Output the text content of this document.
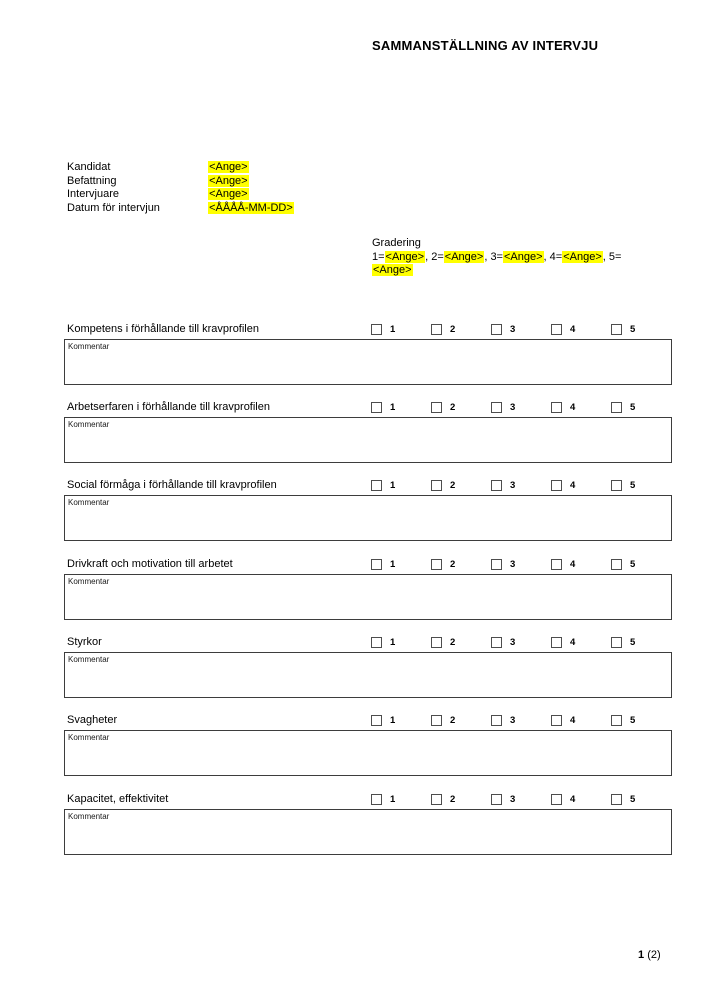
SAMMANSTÄLLNING AV INTERVJU
Kandidat	<Ange>
Befattning	<Ange>
Intervjuare	<Ange>
Datum för intervjun	<ÅÅÅÅ-MM-DD>
Gradering
1=<Ange>, 2=<Ange>, 3=<Ange>, 4=<Ange>, 5=
<Ange>
Kompetens i förhållande till kravprofilen	1	2	3	4	5
Kommentar
Arbetserfaren i förhållande till kravprofilen	1	2	3	4	5
Kommentar
Social förmåga i förhållande till kravprofilen	1	2	3	4	5
Kommentar
Drivkraft och motivation till arbetet	1	2	3	4	5
Kommentar
Styrkor	1	2	3	4	5
Kommentar
Svagheter	1	2	3	4	5
Kommentar
Kapacitet, effektivitet	1	2	3	4	5
Kommentar
1 (2)
